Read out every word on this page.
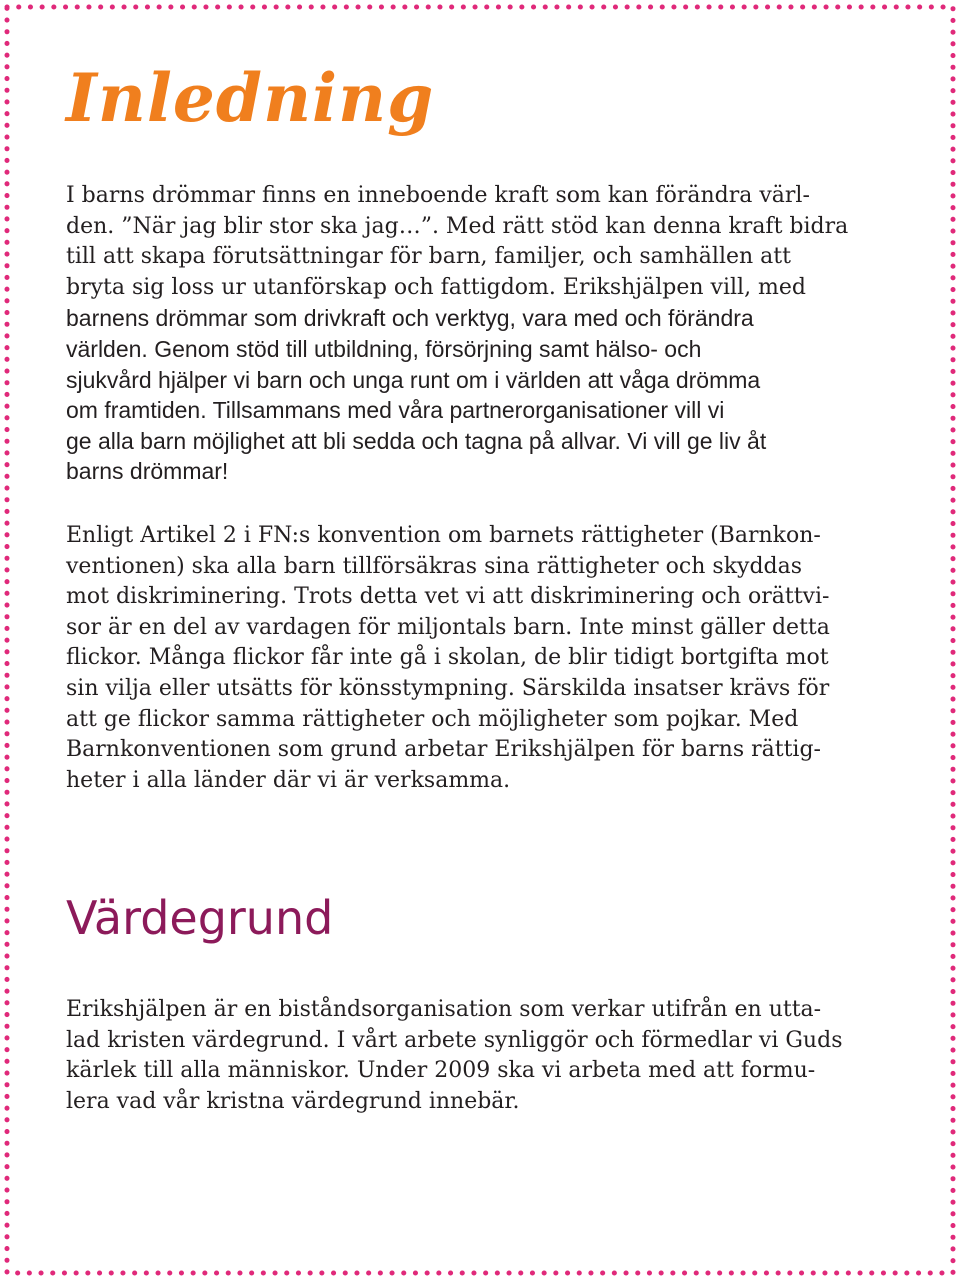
Inledning
I barns drömmar finns en inneboende kraft som kan förändra värl-
den. ”När jag blir stor ska jag…”. Med rätt stöd kan denna kraft bidra
till att skapa förutsättningar för barn, familjer, och samhällen att
bryta sig loss ur utanförskap och fattigdom. Erikshjälpen vill, med
barnens drömmar som drivkraft och verktyg, vara med och förändra
världen. Genom stöd till utbildning, försörjning samt hälso- och
sjukvård hjälper vi barn och unga runt om i världen att våga drömma
om framtiden. Tillsammans med våra partnerorganisationer vill vi
ge alla barn möjlighet att bli sedda och tagna på allvar. Vi vill ge liv åt
barns drömmar!
Enligt Artikel 2 i FN:s konvention om barnets rättigheter (Barnkon-
ventionen) ska alla barn tillförsäkras sina rättigheter och skyddas
mot diskriminering. Trots detta vet vi att diskriminering och orättvi-
sor är en del av vardagen för miljontals barn. Inte minst gäller detta
flickor. Många flickor får inte gå i skolan, de blir tidigt bortgifta mot
sin vilja eller utsätts för könsstympning. Särskilda insatser krävs för
att ge flickor samma rättigheter och möjligheter som pojkar. Med
Barnkonventionen som grund arbetar Erikshjälpen för barns rättig-
heter i alla länder där vi är verksamma.
Värdegrund
Erikshjälpen är en biståndsorganisation som verkar utifrån en utta-
lad kristen värdegrund. I vårt arbete synliggör och förmedlar vi Guds
kärlek till alla människor. Under 2009 ska vi arbeta med att formu-
lera vad vår kristna värdegrund innebär.
